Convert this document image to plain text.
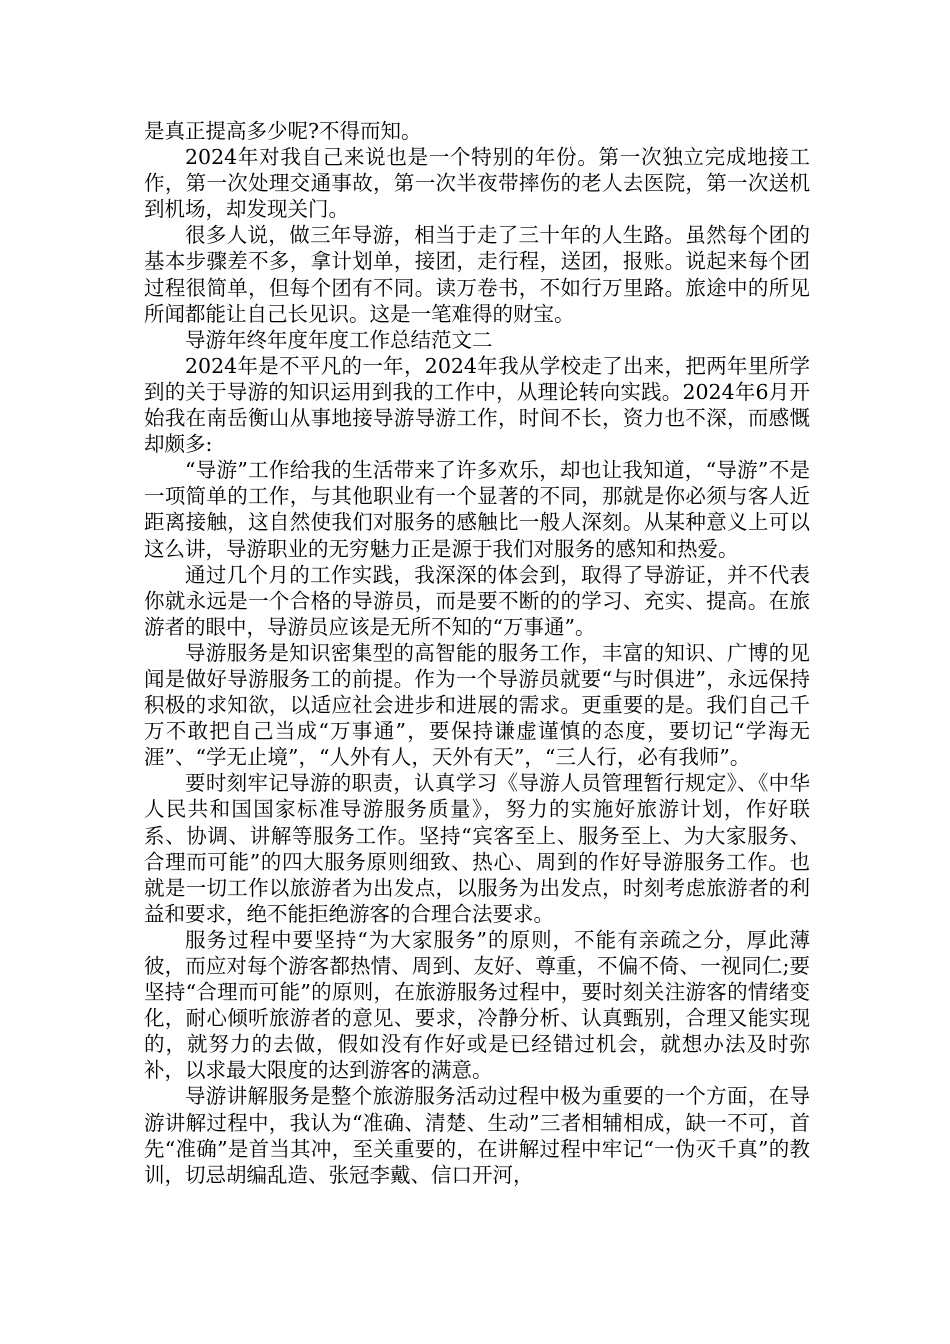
是真正提高多少呢?不得而知。

2024年对我自己来说也是一个特别的年份。第一次独立完成地接工作，第一次处理交通事故，第一次半夜带摔伤的老人去医院，第一次送机到机场，却发现关门。

很多人说，做三年导游，相当于走了三十年的人生路。虽然每个团的基本步骤差不多，拿计划单，接团，走行程，送团，报账。说起来每个团过程很简单，但每个团有不同。读万卷书，不如行万里路。旅途中的所见所闻都能让自己长见识。这是一笔难得的财宝。

导游年终年度年度工作总结范文二

2024年是不平凡的一年，2024年我从学校走了出来，把两年里所学到的关于导游的知识运用到我的工作中，从理论转向实践。2024年6月开始我在南岳衡山从事地接导游导游工作，时间不长，资力也不深，而感慨却颇多:

“导游”工作给我的生活带来了许多欢乐，却也让我知道，“导游”不是一项简单的工作，与其他职业有一个显著的不同，那就是你必须与客人近距离接触，这自然使我们对服务的感触比一般人深刻。从某种意义上可以这么讲，导游职业的无穷魅力正是源于我们对服务的感知和热爱。

通过几个月的工作实践，我深深的体会到，取得了导游证，并不代表你就永远是一个合格的导游员，而是要不断的的学习、充实、提高。在旅游者的眼中，导游员应该是无所不知的“万事通”。

导游服务是知识密集型的高智能的服务工作，丰富的知识、广博的见闻是做好导游服务工的前提。作为一个导游员就要“与时俱进”，永远保持积极的求知欲，以适应社会进步和进展的需求。更重要的是。我们自己千万不敢把自己当成“万事通”，要保持谦虚谨慎的态度，要切记“学海无涯”、“学无止境”，“人外有人，天外有天”，“三人行，必有我师”。

要时刻牢记导游的职责，认真学习《导游人员管理暂行规定》、《中华人民共和国国家标准导游服务质量》，努力的实施好旅游计划，作好联系、协调、讲解等服务工作。坚持“宾客至上、服务至上、为大家服务、合理而可能”的四大服务原则细致、热心、周到的作好导游服务工作。也就是一切工作以旅游者为出发点，以服务为出发点，时刻考虑旅游者的利益和要求，绝不能拒绝游客的合理合法要求。

服务过程中要坚持“为大家服务”的原则，不能有亲疏之分，厚此薄彼，而应对每个游客都热情、周到、友好、尊重，不偏不倚、一视同仁;要坚持“合理而可能”的原则，在旅游服务过程中，要时刻关注游客的情绪变化，耐心倾听旅游者的意见、要求，冷静分析、认真甄别，合理又能实现的，就努力的去做，假如没有作好或是已经错过机会，就想办法及时弥补，以求最大限度的达到游客的满意。

导游讲解服务是整个旅游服务活动过程中极为重要的一个方面，在导游讲解过程中，我认为“准确、清楚、生动”三者相辅相成，缺一不可，首先“准确”是首当其冲，至关重要的，在讲解过程中牢记“一伪灭千真”的教训，切忌胡编乱造、张冠李戴、信口开河，
